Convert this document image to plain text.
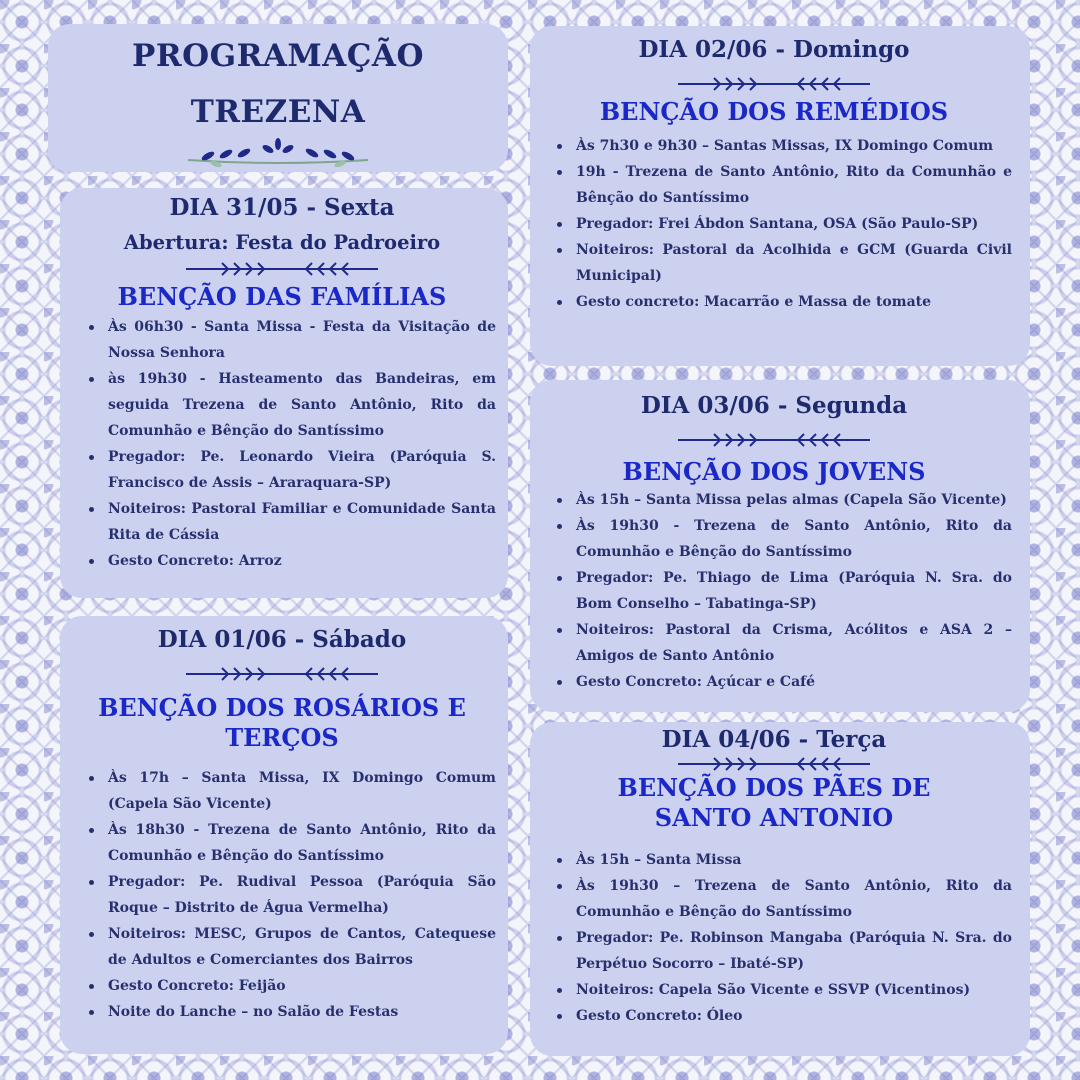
PROGRAMAÇÃO

TREZENA

DIA 31/05 - Sexta

Abertura: Festa do Padroeiro

BENÇÃO DAS FAMÍLIAS

Às 06h30 - Santa Missa - Festa da Visitação de Nossa Senhora
às 19h30 - Hasteamento das Bandeiras, em seguida Trezena de Santo Antônio, Rito da Comunhão e Bênção do Santíssimo
Pregador: Pe. Leonardo Vieira (Paróquia S. Francisco de Assis – Araraquara-SP)
Noiteiros: Pastoral Familiar e Comunidade Santa Rita de Cássia
Gesto Concreto: Arroz

DIA 01/06 - Sábado

BENÇÃO DOS ROSÁRIOS E TERÇOS

Às 17h – Santa Missa, IX Domingo Comum (Capela São Vicente)
Às 18h30 - Trezena de Santo Antônio, Rito da Comunhão e Bênção do Santíssimo
Pregador: Pe. Rudival Pessoa (Paróquia São Roque – Distrito de Água Vermelha)
Noiteiros: MESC, Grupos de Cantos, Catequese de Adultos e Comerciantes dos Bairros
Gesto Concreto: Feijão
Noite do Lanche – no Salão de Festas

DIA 02/06 - Domingo

BENÇÃO DOS REMÉDIOS

Às 7h30 e 9h30 – Santas Missas, IX Domingo Comum
19h - Trezena de Santo Antônio, Rito da Comunhão e Bênção do Santíssimo
Pregador: Frei Ábdon Santana, OSA (São Paulo-SP)
Noiteiros: Pastoral da Acolhida e GCM (Guarda Civil Municipal)
Gesto concreto: Macarrão e Massa de tomate

DIA 03/06 - Segunda

BENÇÃO DOS JOVENS

Às 15h – Santa Missa pelas almas (Capela São Vicente)
Às 19h30 - Trezena de Santo Antônio, Rito da Comunhão e Bênção do Santíssimo
Pregador: Pe. Thiago de Lima (Paróquia N. Sra. do Bom Conselho – Tabatinga-SP)
Noiteiros: Pastoral da Crisma, Acólitos e ASA 2 – Amigos de Santo Antônio
Gesto Concreto: Açúcar e Café

DIA 04/06 - Terça

BENÇÃO DOS PÃES DE SANTO ANTONIO

Às 15h – Santa Missa
Às 19h30 – Trezena de Santo Antônio, Rito da Comunhão e Bênção do Santíssimo
Pregador: Pe. Robinson Mangaba (Paróquia N. Sra. do Perpétuo Socorro – Ibaté-SP)
Noiteiros: Capela São Vicente e SSVP (Vicentinos)
Gesto Concreto: Óleo
